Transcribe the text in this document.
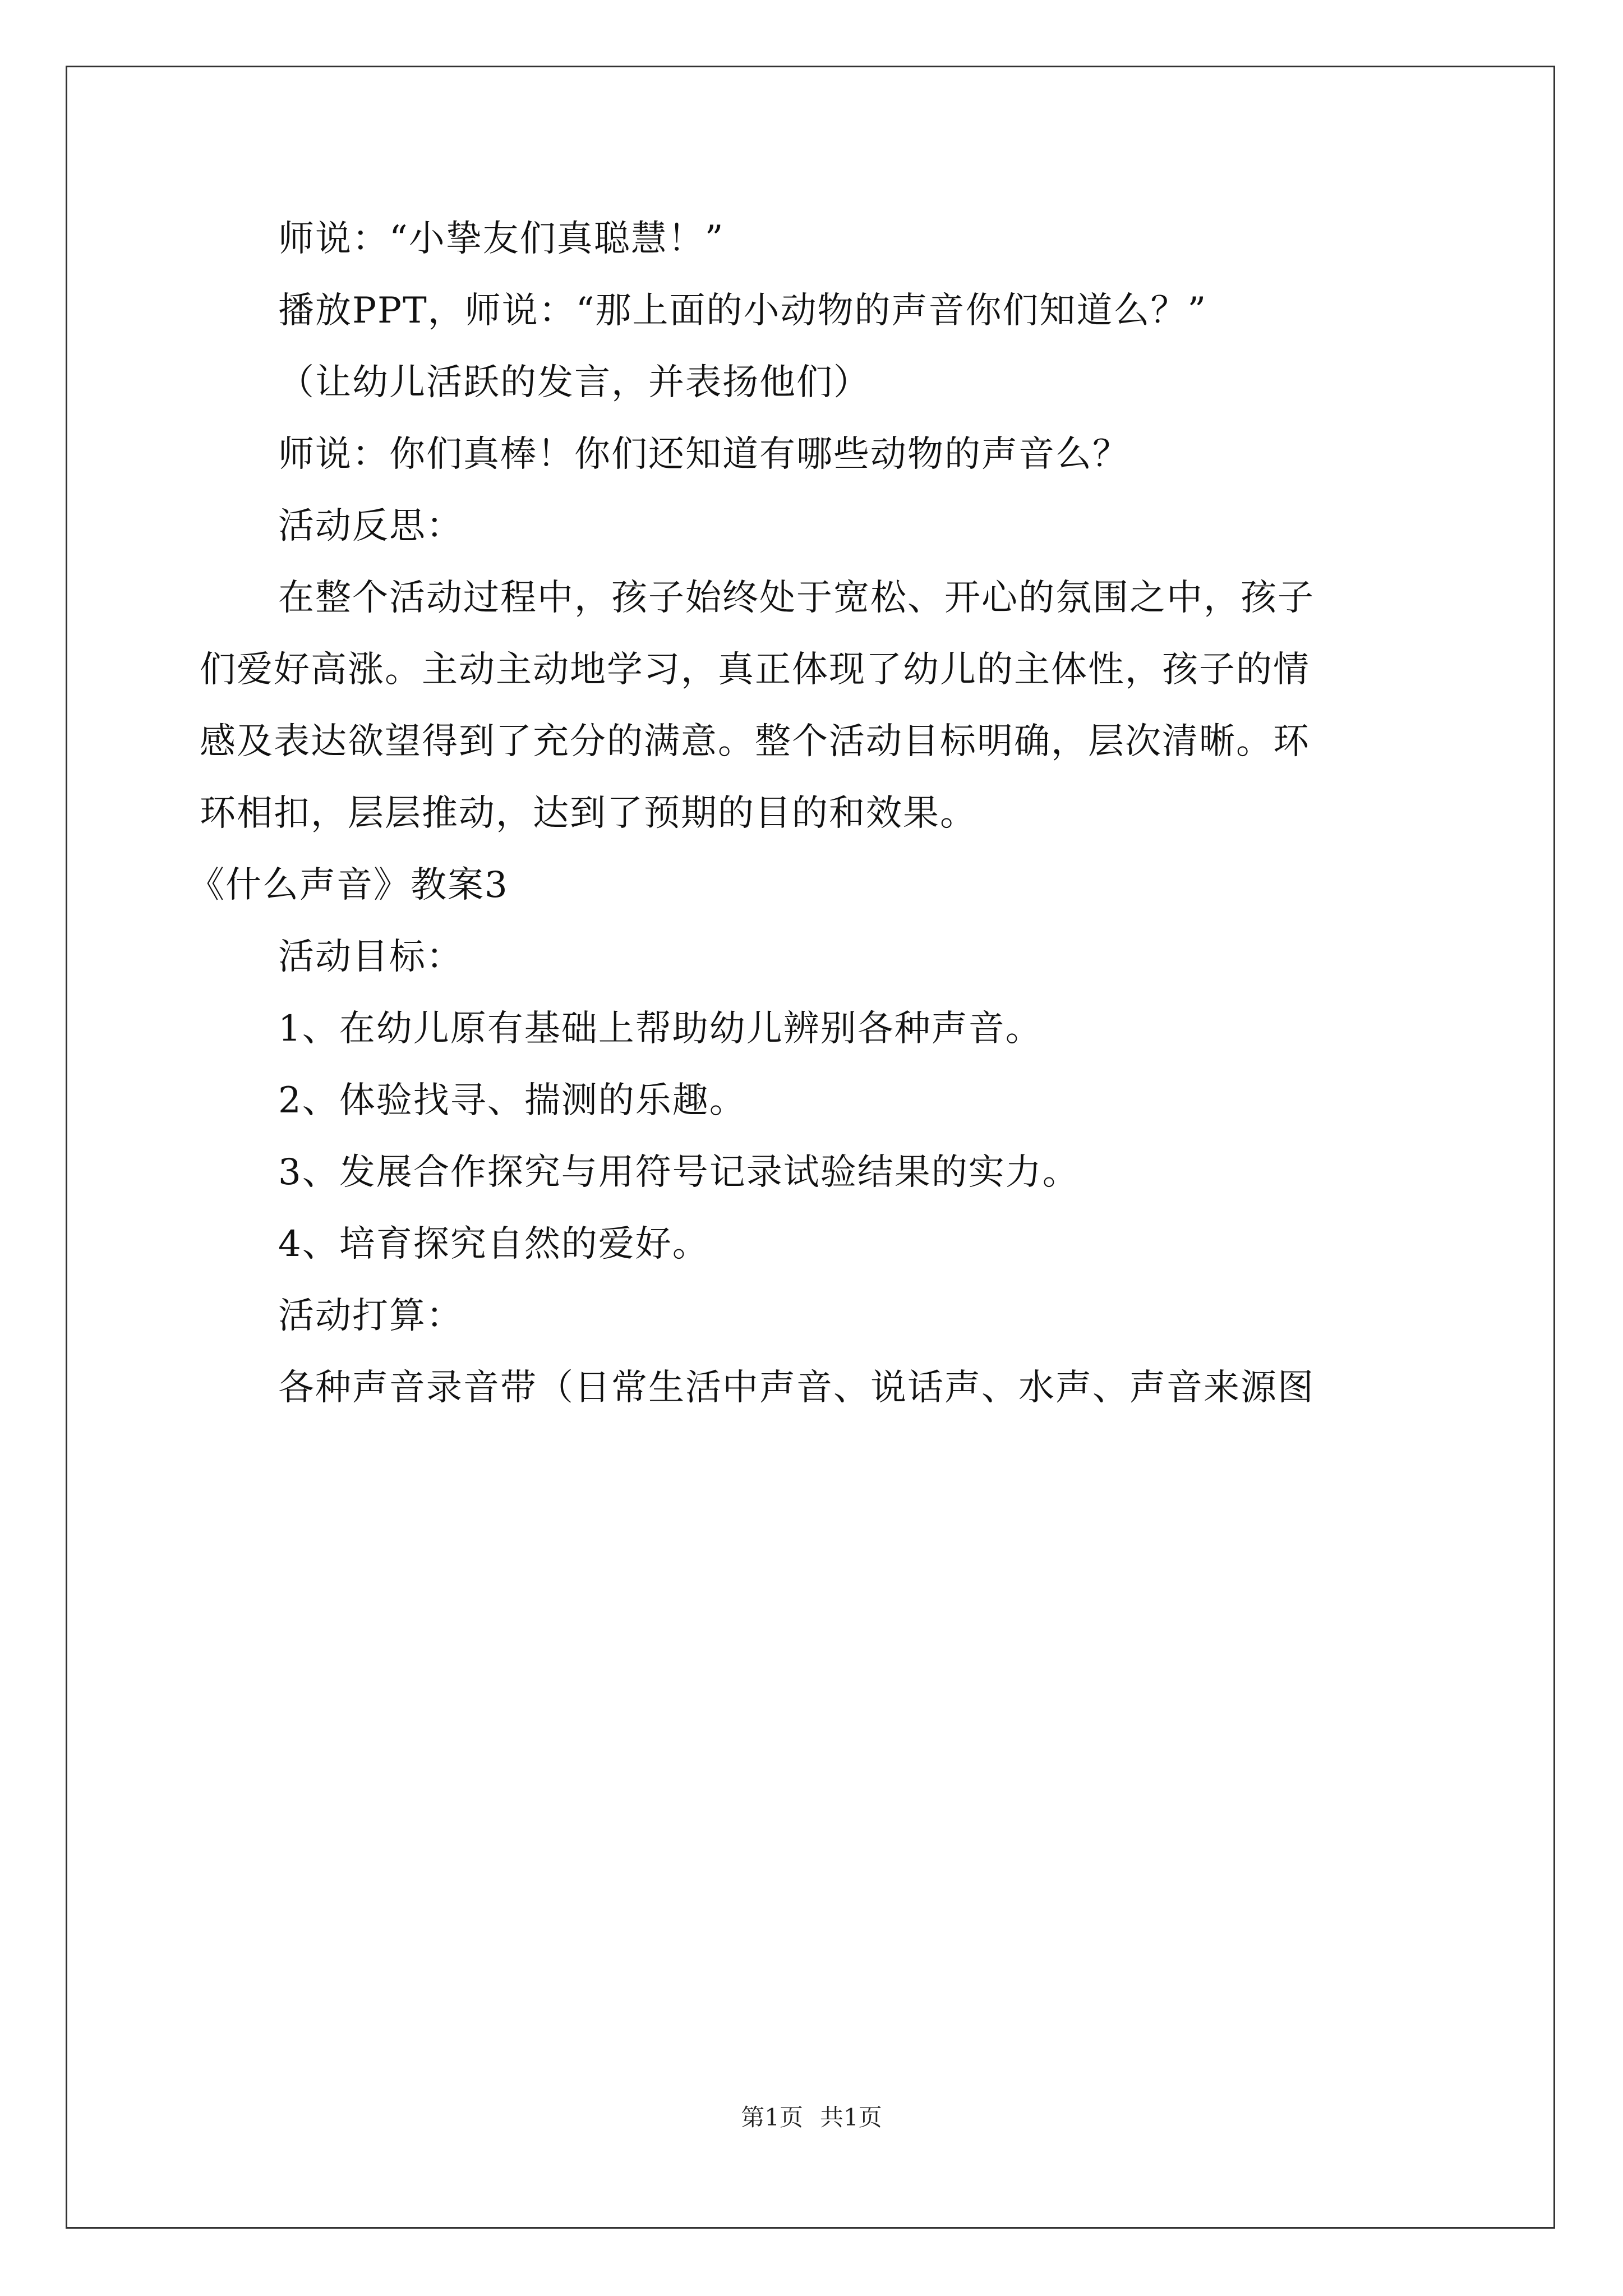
师说：“小挚友们真聪慧！”
播放PPT，师说：“那上面的小动物的声音你们知道么？”
（让幼儿活跃的发言，并表扬他们）
师说：你们真棒！你们还知道有哪些动物的声音么？
活动反思：
在整个活动过程中，孩子始终处于宽松、开心的氛围之中，孩子
们爱好高涨。主动主动地学习，真正体现了幼儿的主体性，孩子的情
感及表达欲望得到了充分的满意。整个活动目标明确，层次清晰。环
环相扣，层层推动，达到了预期的目的和效果。
《什么声音》教案3
活动目标：
1、在幼儿原有基础上帮助幼儿辨别各种声音。
2、体验找寻、揣测的乐趣。
3、发展合作探究与用符号记录试验结果的实力。
4、培育探究自然的爱好。
活动打算：
各种声音录音带（日常生活中声音、说话声、水声、声音来源图
第1页 共1页
